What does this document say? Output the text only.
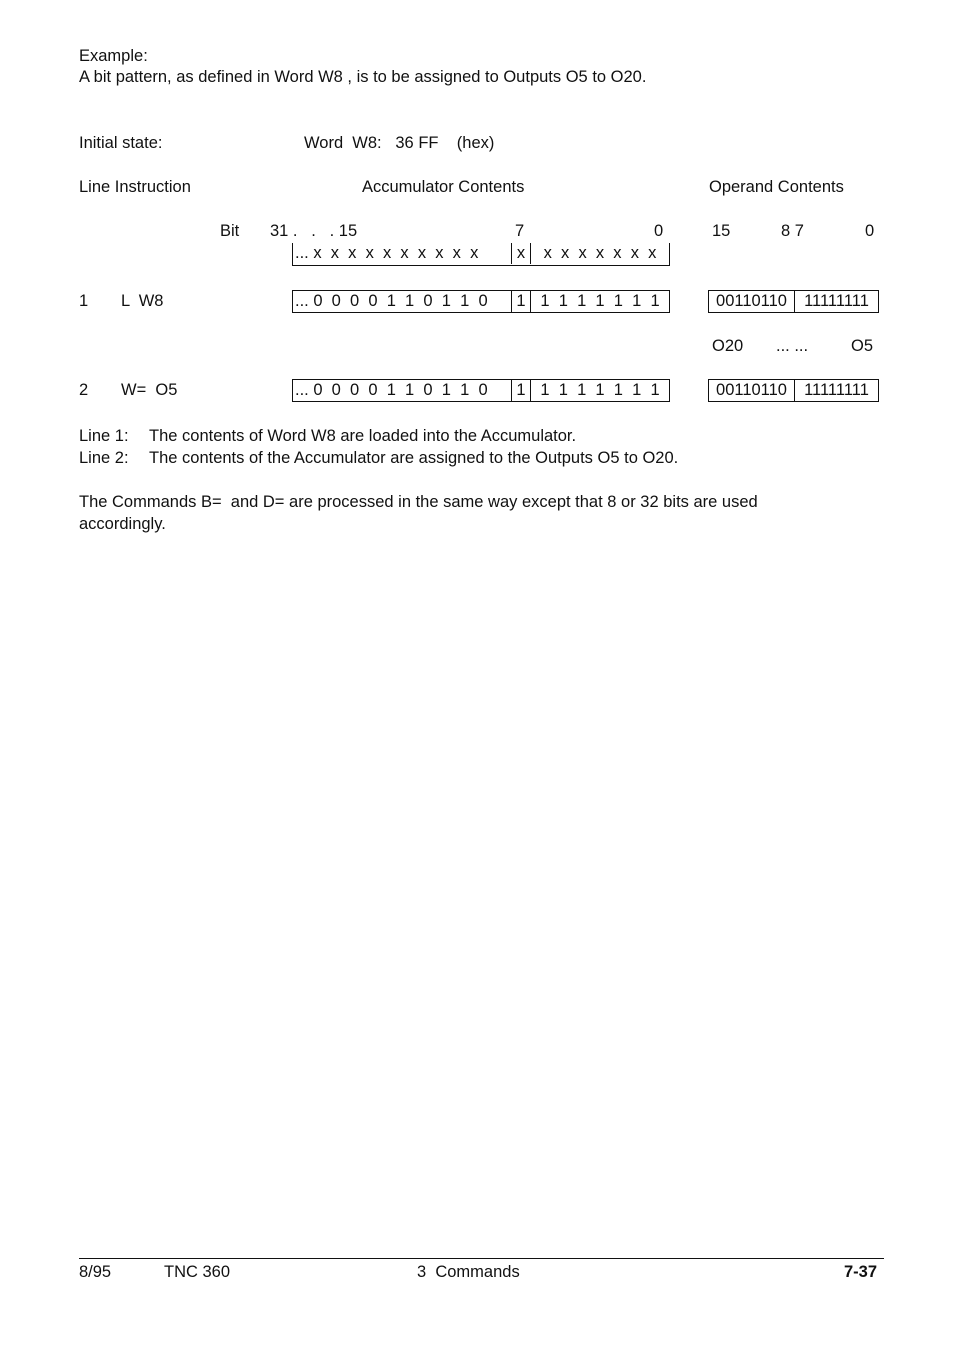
Example:
A bit pattern, as defined in Word W8 , is to be assigned to Outputs O5 to O20.
Initial state:	Word  W8:   36 FF    (hex)
Line Instruction	Accumulator Contents	Operand Contents
Bit 31 .   .   . 15	7	0	15	8 7	0
... x  x  x  x  x  x  x  x  x  x	x	x  x  x  x  x  x  x
1 L  W8	... 0  0  0  0  1  1  0  1  1  0	1 1  1  1  1  1  1  1	00110110	11111111
O20 ... ...	O5
2 W=  O5	... 0  0  0  0  1  1  0  1  1  0	1 1  1  1  1  1  1  1	00110110	11111111
Line 1: The contents of Word W8 are loaded into the Accumulator.
Line 2: The contents of the Accumulator are assigned to the Outputs O5 to O20.
The Commands B=  and D= are processed in the same way except that 8 or 32 bits are used
accordingly.
8/95	TNC 360	3  Commands	7-37
